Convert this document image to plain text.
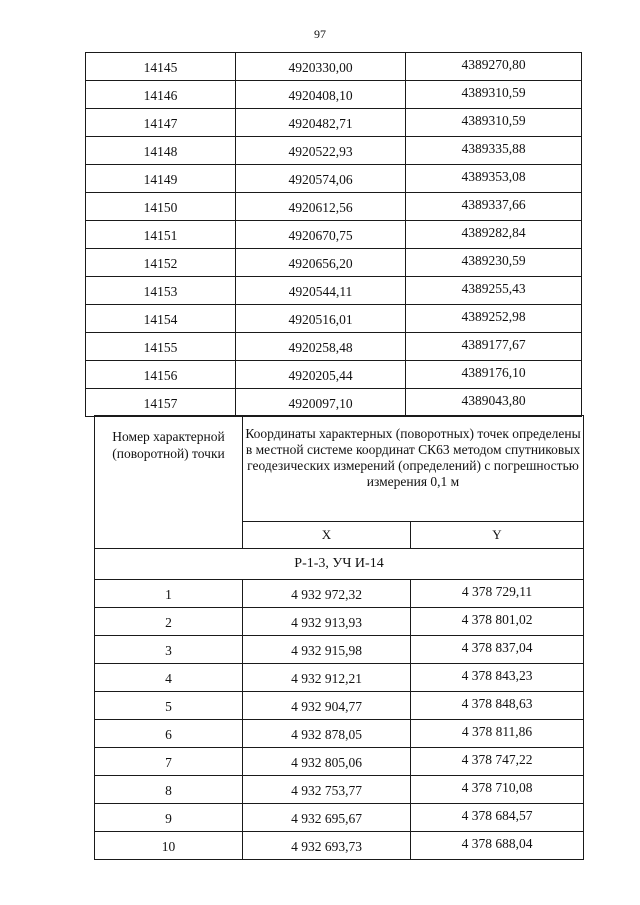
97
14145	4920330,00	4389270,80
14146	4920408,10	4389310,59
14147	4920482,71	4389310,59
14148	4920522,93	4389335,88
14149	4920574,06	4389353,08
14150	4920612,56	4389337,66
14151	4920670,75	4389282,84
14152	4920656,20	4389230,59
14153	4920544,11	4389255,43
14154	4920516,01	4389252,98
14155	4920258,48	4389177,67
14156	4920205,44	4389176,10
14157	4920097,10	4389043,80
Номер характерной (поворотной) точки	Координаты характерных (поворотных) точек определены в местной системе координат СК63 методом спутниковых геодезических измерений (определений) с погрешностью измерения 0,1 м	
	X	Y
Р-1-3, УЧ И-14		
1	4 932 972,32	4 378 729,11
2	4 932 913,93	4 378 801,02
3	4 932 915,98	4 378 837,04
4	4 932 912,21	4 378 843,23
5	4 932 904,77	4 378 848,63
6	4 932 878,05	4 378 811,86
7	4 932 805,06	4 378 747,22
8	4 932 753,77	4 378 710,08
9	4 932 695,67	4 378 684,57
10	4 932 693,73	4 378 688,04
